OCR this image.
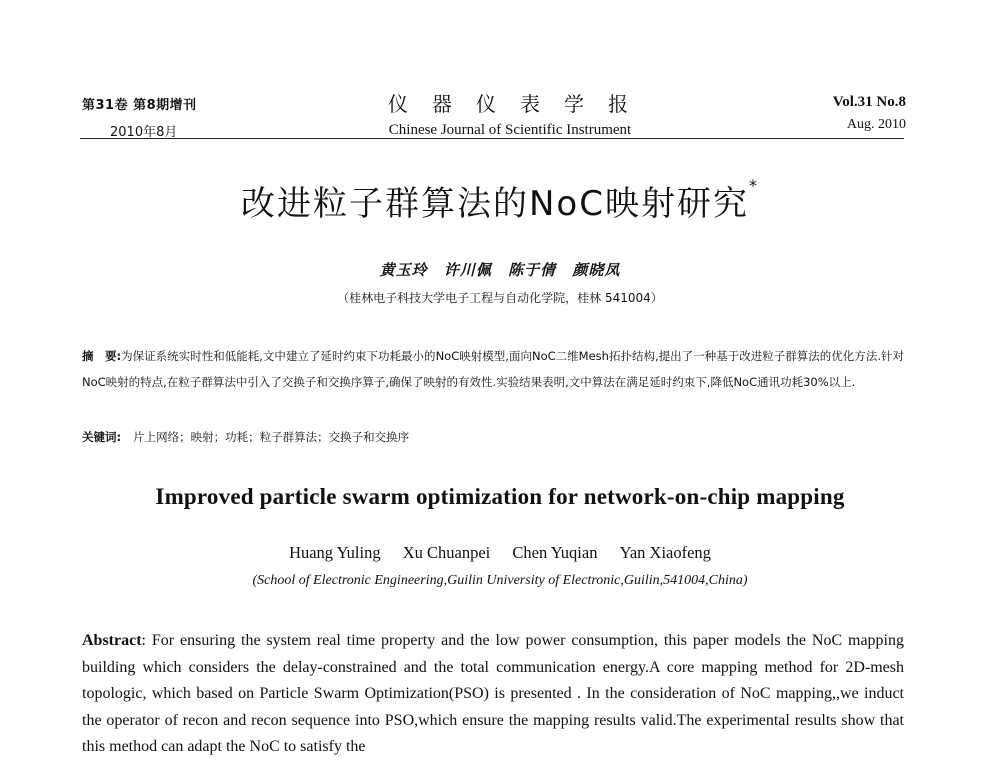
第31卷 第8期增刊
2010年8月
仪器仪表学报
Chinese Journal of Scientific Instrument
Vol.31 No.8
Aug. 2010
改进粒子群算法的NoC映射研究*
黄玉玲 许川佩 陈于倩 颜晓凤
（桂林电子科技大学电子工程与自动化学院，桂林 541004）
摘　要:为保证系统实时性和低能耗,文中建立了延时约束下功耗最小的NoC映射模型,面向NoC二维Mesh拓扑结构,提出了一种基于改进粒子群算法的优化方法.针对NoC映射的特点,在粒子群算法中引入了交换子和交换序算子,确保了映射的有效性.实验结果表明,文中算法在满足延时约束下,降低NoC通讯功耗30%以上.
关键词: 片上网络；映射；功耗；粒子群算法；交换子和交换序
Improved particle swarm optimization for network-on-chip mapping
Huang Yuling Xu Chuanpei Chen Yuqian Yan Xiaofeng
(School of Electronic Engineering,Guilin University of Electronic,Guilin,541004,China)
Abstract: For ensuring the system real time property and the low power consumption, this paper models the NoC mapping building which considers the delay-constrained and the total communication energy.A core mapping method for 2D-mesh topologic, which based on Particle Swarm Optimization(PSO) is presented . In the consideration of NoC mapping,,we induct the operator of recon and recon sequence into PSO,which ensure the mapping results valid.The experimental results show that this method can adapt the NoC to satisfy the
